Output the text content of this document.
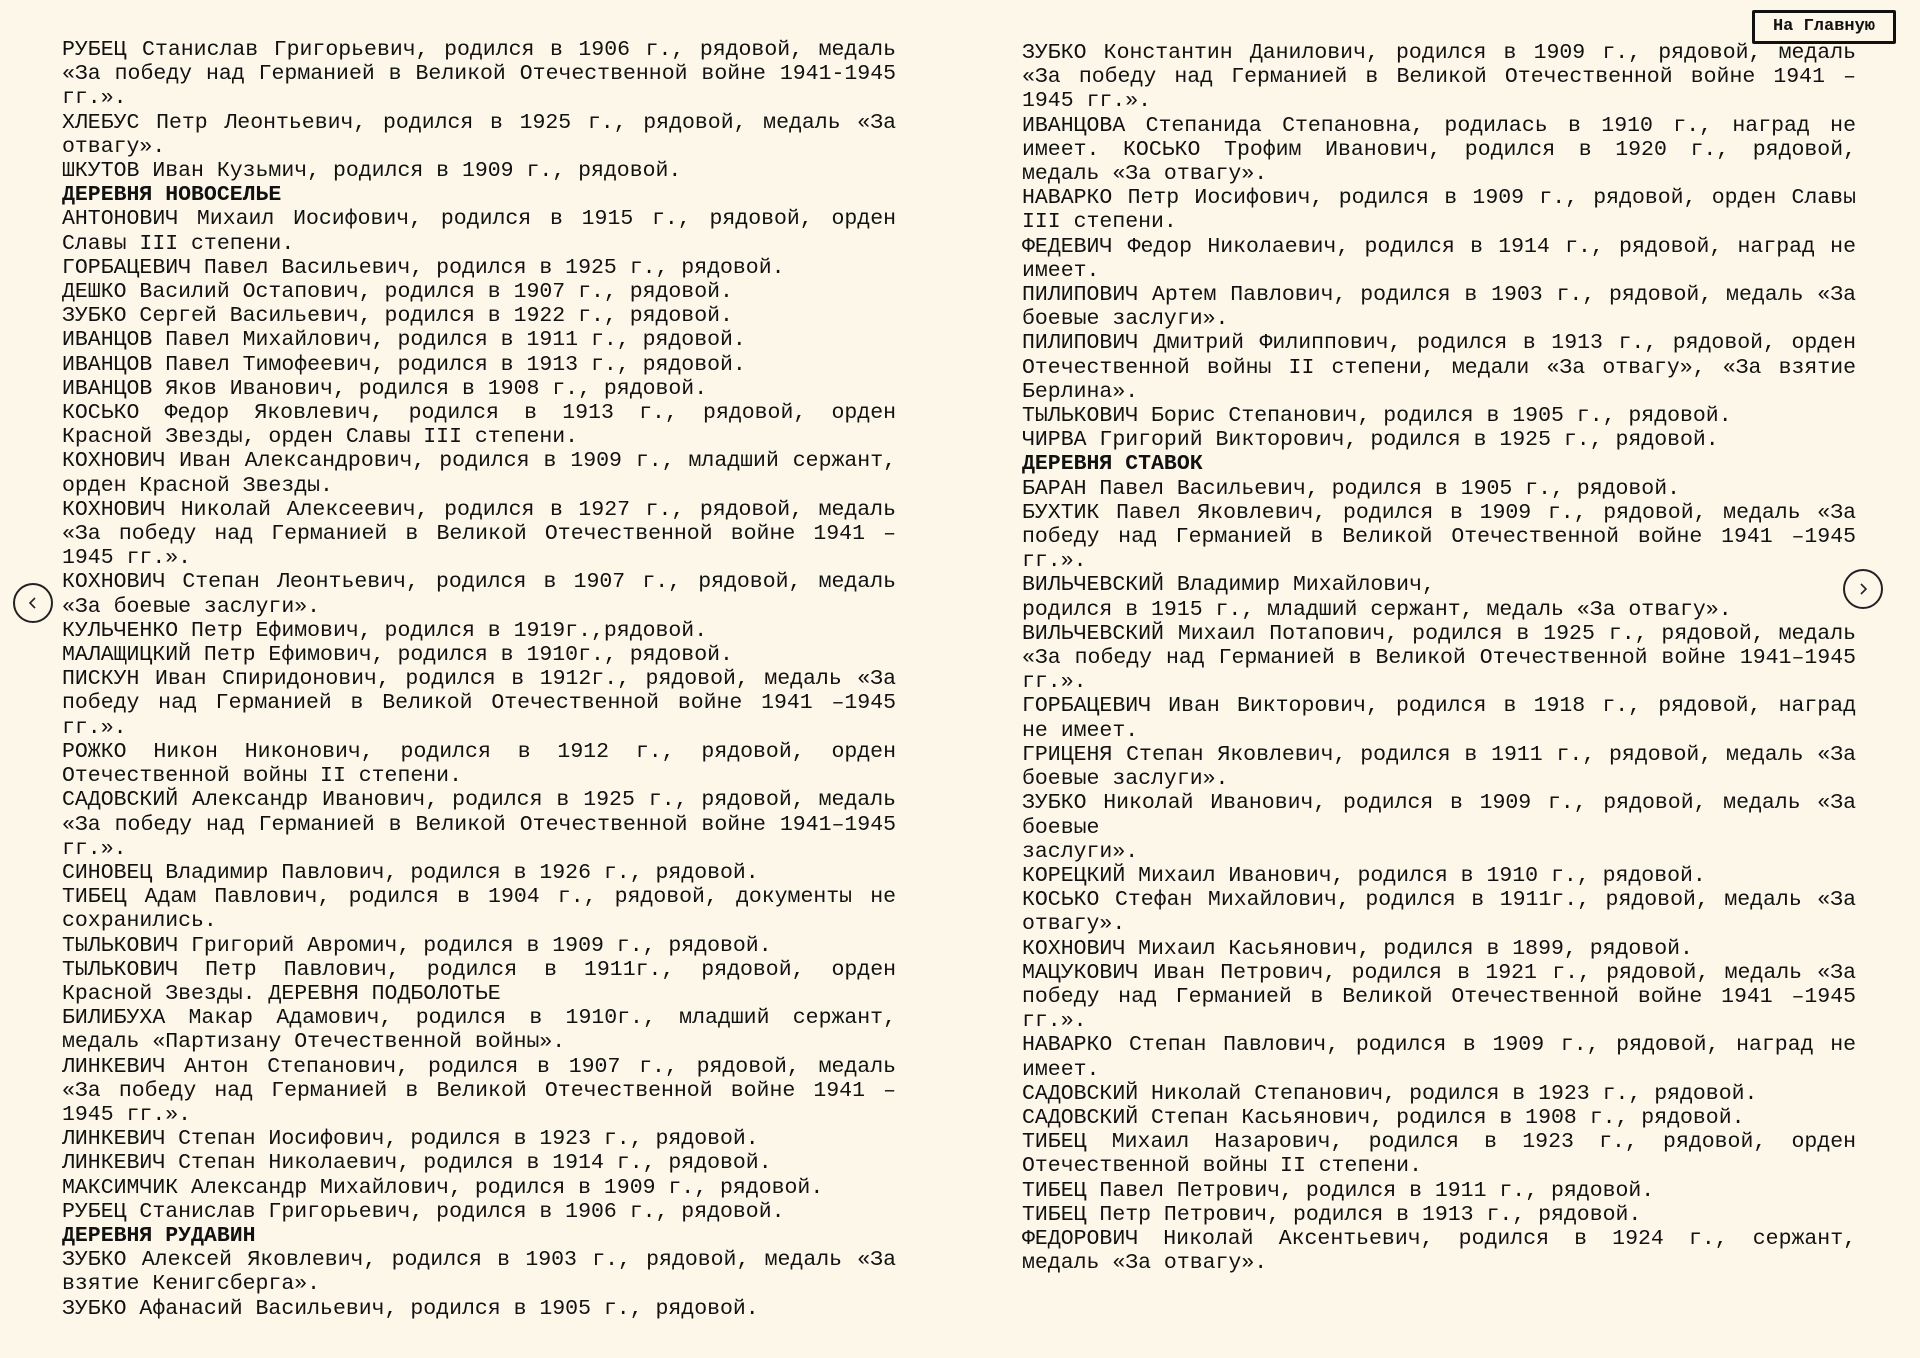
На Главную

РУБЕЦ Станислав Григорьевич, родился в 1906 г., рядовой, медаль «За победу над Германией в Великой Отечественной войне 1941-1945 гг.».

ХЛЕБУС Петр Леонтьевич, родился в 1925 г., рядовой, медаль «За отвагу».

ШКУТОВ Иван Кузьмич, родился в 1909 г., рядовой.

ДЕРЕВНЯ НОВОСЕЛЬЕ

АНТОНОВИЧ Михаил Иосифович, родился в 1915 г., рядовой, орден Славы III степени.

ГОРБАЦЕВИЧ Павел Васильевич, родился в 1925 г., рядовой.

ДЕШКО Василий Остапович, родился в 1907 г., рядовой.

ЗУБКО Сергей Васильевич, родился в 1922 г., рядовой.

ИВАНЦОВ Павел Михайлович, родился в 1911 г., рядовой.

ИВАНЦОВ Павел Тимофеевич, родился в 1913 г., рядовой.

ИВАНЦОВ Яков Иванович, родился в 1908 г., рядовой.

КОСЬКО Федор Яковлевич, родился в 1913 г., рядовой, орден Красной Звезды, орден Славы III степени.

КОХНОВИЧ Иван Александрович, родился в 1909 г., младший сержант, орден Красной Звезды.

КОХНОВИЧ Николай Алексеевич, родился в 1927 г., рядовой, медаль «За победу над Германией в Великой Отечественной войне 1941 – 1945 гг.».

КОХНОВИЧ Степан Леонтьевич, родился в 1907 г., рядовой, медаль «За боевые заслуги».

КУЛЬЧЕНКО Петр Ефимович, родился в 1919г.,рядовой.

МАЛАЩИЦКИЙ Петр Ефимович, родился в 1910г., рядовой.

ПИСКУН Иван Спиридонович, родился в 1912г., рядовой, медаль «За победу над Германией в Великой Отечественной войне 1941 –1945 гг.».

РОЖКО Никон Никонович, родился в 1912 г., рядовой, орден Отечественной войны II степени.

САДОВСКИЙ Александр Иванович, родился в 1925 г., рядовой, медаль «За победу над Германией в Великой Отечественной войне 1941–1945 гг.».

СИНОВЕЦ Владимир Павлович, родился в 1926 г., рядовой.

ТИБЕЦ Адам Павлович, родился в 1904 г., рядовой, документы не сохранились.

ТЫЛЬКОВИЧ Григорий Авромич, родился в 1909 г., рядовой.

ТЫЛЬКОВИЧ Петр Павлович, родился в 1911г., рядовой, орден Красной Звезды. ДЕРЕВНЯ ПОДБОЛОТЬЕ

БИЛИБУХА Макар Адамович, родился в 1910г., младший сержант, медаль «Партизану Отечественной войны».

ЛИНКЕВИЧ Антон Степанович, родился в 1907 г., рядовой, медаль «За победу над Германией в Великой Отечественной войне 1941 – 1945 гг.».

ЛИНКЕВИЧ Степан Иосифович, родился в 1923 г., рядовой.

ЛИНКЕВИЧ Степан Николаевич, родился в 1914 г., рядовой.

МАКСИМЧИК Александр Михайлович, родился в 1909 г., рядовой.

РУБЕЦ Станислав Григорьевич, родился в 1906 г., рядовой.

ДЕРЕВНЯ РУДАВИН

ЗУБКО Алексей Яковлевич, родился в 1903 г., рядовой, медаль «За взятие Кенигсберга».

ЗУБКО Афанасий Васильевич, родился в 1905 г., рядовой.

ЗУБКО Константин Данилович, родился в 1909 г., рядовой, медаль «За победу над Германией в Великой Отечественной войне 1941 – 1945 гг.».

ИВАНЦОВА Степанида Степановна, родилась в 1910 г., наград не имеет. КОСЬКО Трофим Иванович, родился в 1920 г., рядовой, медаль «За отвагу».

НАВАРКО Петр Иосифович, родился в 1909 г., рядовой, орден Славы III степени.

ФЕДЕВИЧ Федор Николаевич, родился в 1914 г., рядовой, наград не имеет.

ПИЛИПОВИЧ Артем Павлович, родился в 1903 г., рядовой, медаль «За боевые заслуги».

ПИЛИПОВИЧ Дмитрий Филиппович, родился в 1913 г., рядовой, орден Отечественной войны II степени, медали «За отвагу», «За взятие Берлина».

ТЫЛЬКОВИЧ Борис Степанович, родился в 1905 г., рядовой.

ЧИРВА Григорий Викторович, родился в 1925 г., рядовой.

ДЕРЕВНЯ СТАВОК

БАРАН Павел Васильевич, родился в 1905 г., рядовой.

БУХТИК Павел Яковлевич, родился в 1909 г., рядовой, медаль «За победу над Германией в Великой Отечественной войне 1941 –1945 гг.».

ВИЛЬЧЕВСКИЙ Владимир Михайлович,
родился в 1915 г., младший сержант, медаль «За отвагу».

ВИЛЬЧЕВСКИЙ Михаил Потапович, родился в 1925 г., рядовой, медаль «За победу над Германией в Великой Отечественной войне 1941–1945 гг.».

ГОРБАЦЕВИЧ Иван Викторович, родился в 1918 г., рядовой, наград не имеет.

ГРИЦЕНЯ Степан Яковлевич, родился в 1911 г., рядовой, медаль «За боевые заслуги».

ЗУБКО Николай Иванович, родился в 1909 г., рядовой, медаль «За боевые
заслуги».

КОРЕЦКИЙ Михаил Иванович, родился в 1910 г., рядовой.

КОСЬКО Стефан Михайлович, родился в 1911г., рядовой, медаль «За отвагу».

КОХНОВИЧ Михаил Касьянович, родился в 1899, рядовой.

МАЦУКОВИЧ Иван Петрович, родился в 1921 г., рядовой, медаль «За победу над Германией в Великой Отечественной войне 1941 –1945 гг.».

НАВАРКО Степан Павлович, родился в 1909 г., рядовой, наград не имеет.

САДОВСКИЙ Николай Степанович, родился в 1923 г., рядовой.

САДОВСКИЙ Степан Касьянович, родился в 1908 г., рядовой.

ТИБЕЦ Михаил Назарович, родился в 1923 г., рядовой, орден Отечественной войны II степени.

ТИБЕЦ Павел Петрович, родился в 1911 г., рядовой.

ТИБЕЦ Петр Петрович, родился в 1913 г., рядовой.

ФЕДОРОВИЧ Николай Аксентьевич, родился в 1924 г., сержант, медаль «За отвагу».
